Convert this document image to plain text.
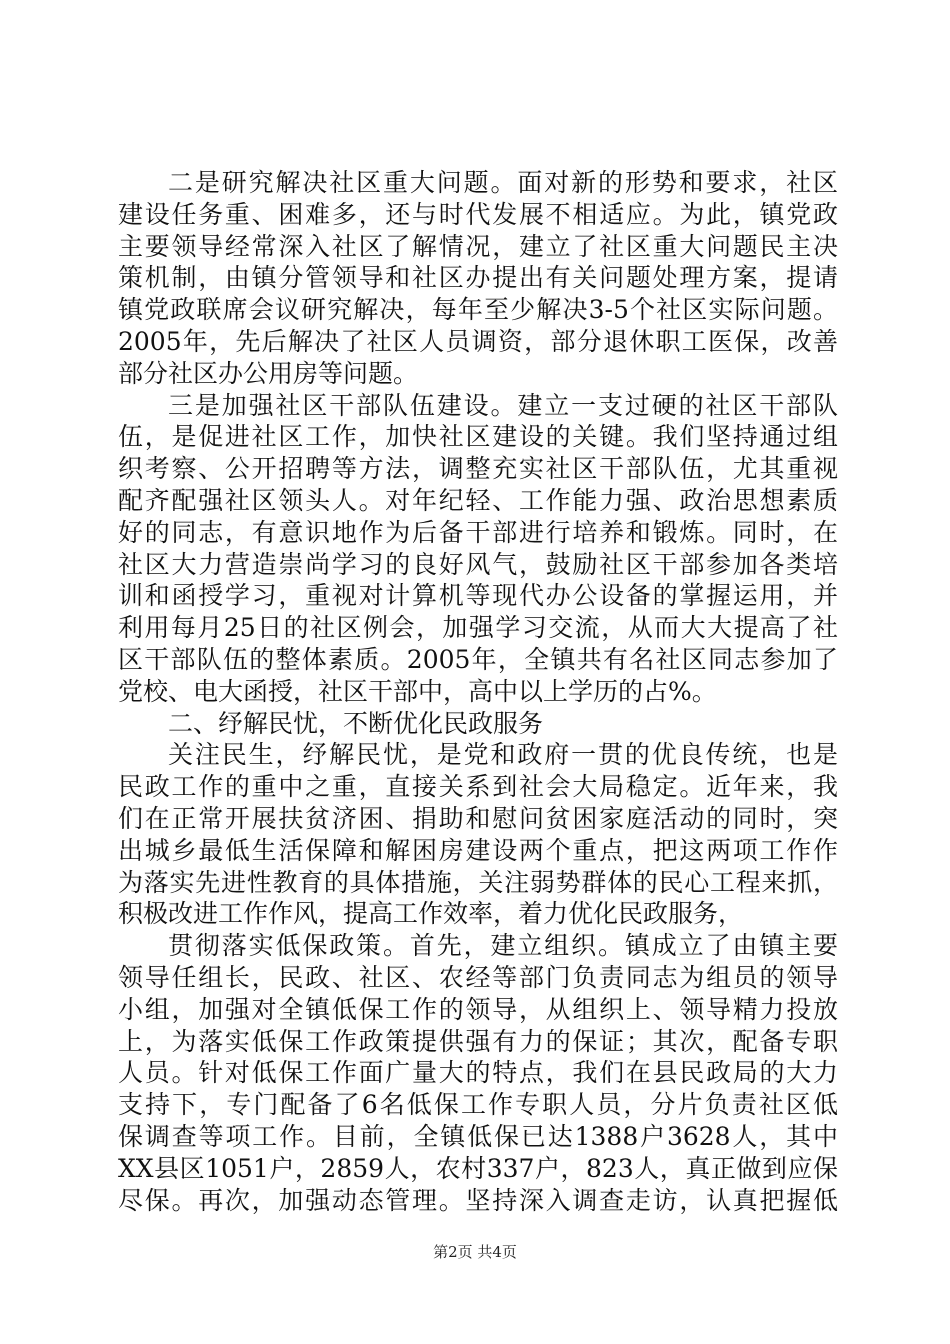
二是研究解决社区重大问题。面对新的形势和要求，社区
建设任务重、困难多，还与时代发展不相适应。为此，镇党政
主要领导经常深入社区了解情况，建立了社区重大问题民主决
策机制，由镇分管领导和社区办提出有关问题处理方案，提请
镇党政联席会议研究解决，每年至少解决3-5个社区实际问题。
2005年，先后解决了社区人员调资，部分退休职工医保，改善
部分社区办公用房等问题。
三是加强社区干部队伍建设。建立一支过硬的社区干部队
伍，是促进社区工作，加快社区建设的关键。我们坚持通过组
织考察、公开招聘等方法，调整充实社区干部队伍，尤其重视
配齐配强社区领头人。对年纪轻、工作能力强、政治思想素质
好的同志，有意识地作为后备干部进行培养和锻炼。同时，在
社区大力营造崇尚学习的良好风气，鼓励社区干部参加各类培
训和函授学习，重视对计算机等现代办公设备的掌握运用，并
利用每月25日的社区例会，加强学习交流，从而大大提高了社
区干部队伍的整体素质。2005年，全镇共有名社区同志参加了
党校、电大函授，社区干部中，高中以上学历的占%。
二、纾解民忧，不断优化民政服务
关注民生，纾解民忧，是党和政府一贯的优良传统，也是
民政工作的重中之重，直接关系到社会大局稳定。近年来，我
们在正常开展扶贫济困、捐助和慰问贫困家庭活动的同时，突
出城乡最低生活保障和解困房建设两个重点，把这两项工作作
为落实先进性教育的具体措施，关注弱势群体的民心工程来抓，
积极改进工作作风，提高工作效率，着力优化民政服务，
贯彻落实低保政策。首先，建立组织。镇成立了由镇主要
领导任组长，民政、社区、农经等部门负责同志为组员的领导
小组，加强对全镇低保工作的领导，从组织上、领导精力投放
上，为落实低保工作政策提供强有力的保证；其次，配备专职
人员。针对低保工作面广量大的特点，我们在县民政局的大力
支持下，专门配备了6名低保工作专职人员，分片负责社区低
保调查等项工作。目前，全镇低保已达1388户3628人，其中
XX县区1051户，2859人，农村337户，823人，真正做到应保
尽保。再次，加强动态管理。坚持深入调查走访，认真把握低
第2页 共4页
